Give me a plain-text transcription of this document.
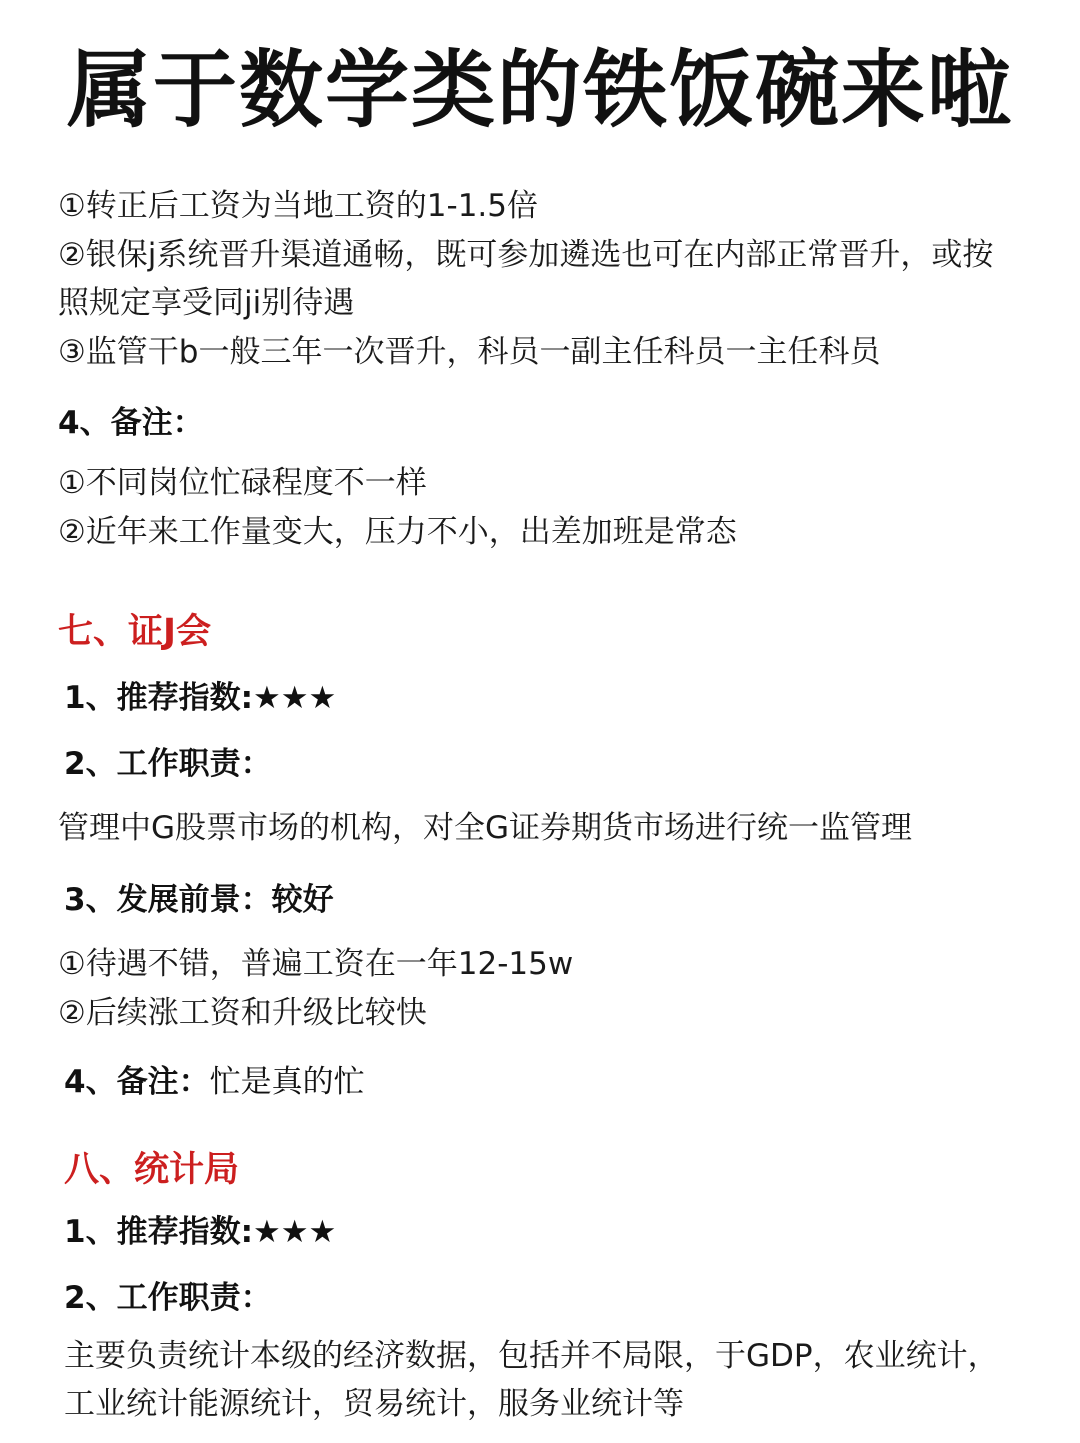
属于数学类的铁饭碗来啦
①转正后工资为当地工资的1-1.5倍
②银保j系统晋升渠道通畅，既可参加遴选也可在内部正常晋升，或按
照规定享受同ji别待遇
③监管干b一般三年一次晋升，科员一副主任科员一主任科员
4、备注：
①不同岗位忙碌程度不一样
②近年来工作量变大，压力不小，出差加班是常态
七、证J会
1、推荐指数:★★★
2、工作职责：
管理中G股票市场的机构，对全G证券期货市场进行统一监管理
3、发展前景：较好
①待遇不错，普遍工资在一年12-15w
②后续涨工资和升级比较快
4、备注：忙是真的忙
八、统计局
1、推荐指数:★★★
2、工作职责：
主要负责统计本级的经济数据，包括并不局限，于GDP，农业统计，
工业统计能源统计，贸易统计，服务业统计等
